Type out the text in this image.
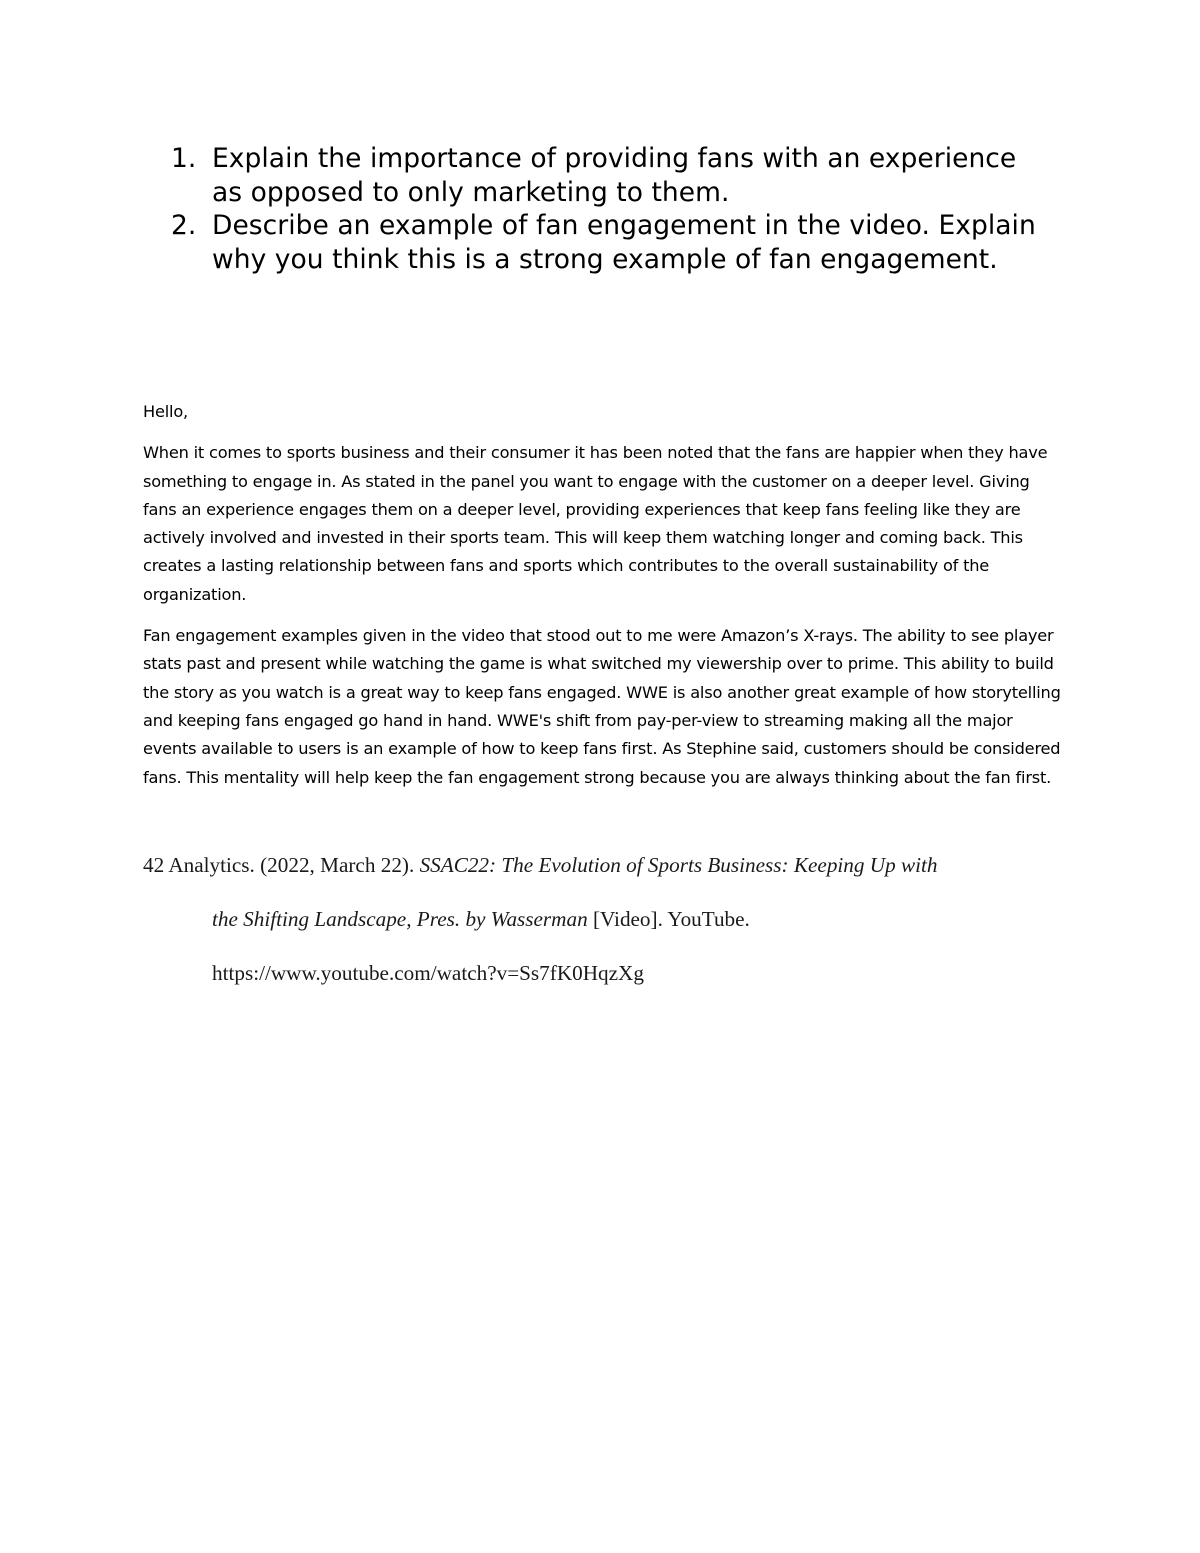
1. Explain the importance of providing fans with an experience as opposed to only marketing to them.
2. Describe an example of fan engagement in the video. Explain why you think this is a strong example of fan engagement.

Hello,

When it comes to sports business and their consumer it has been noted that the fans are happier when they have something to engage in. As stated in the panel you want to engage with the customer on a deeper level. Giving fans an experience engages them on a deeper level, providing experiences that keep fans feeling like they are actively involved and invested in their sports team. This will keep them watching longer and coming back. This creates a lasting relationship between fans and sports which contributes to the overall sustainability of the organization.

Fan engagement examples given in the video that stood out to me were Amazon’s X-rays. The ability to see player stats past and present while watching the game is what switched my viewership over to prime. This ability to build the story as you watch is a great way to keep fans engaged. WWE is also another great example of how storytelling and keeping fans engaged go hand in hand. WWE's shift from pay-per-view to streaming making all the major events available to users is an example of how to keep fans first. As Stephine said, customers should be considered fans. This mentality will help keep the fan engagement strong because you are always thinking about the fan first.

42 Analytics. (2022, March 22). SSAC22: The Evolution of Sports Business: Keeping Up with
the Shifting Landscape, Pres. by Wasserman [Video]. YouTube.
https://www.youtube.com/watch?v=Ss7fK0HqzXg
